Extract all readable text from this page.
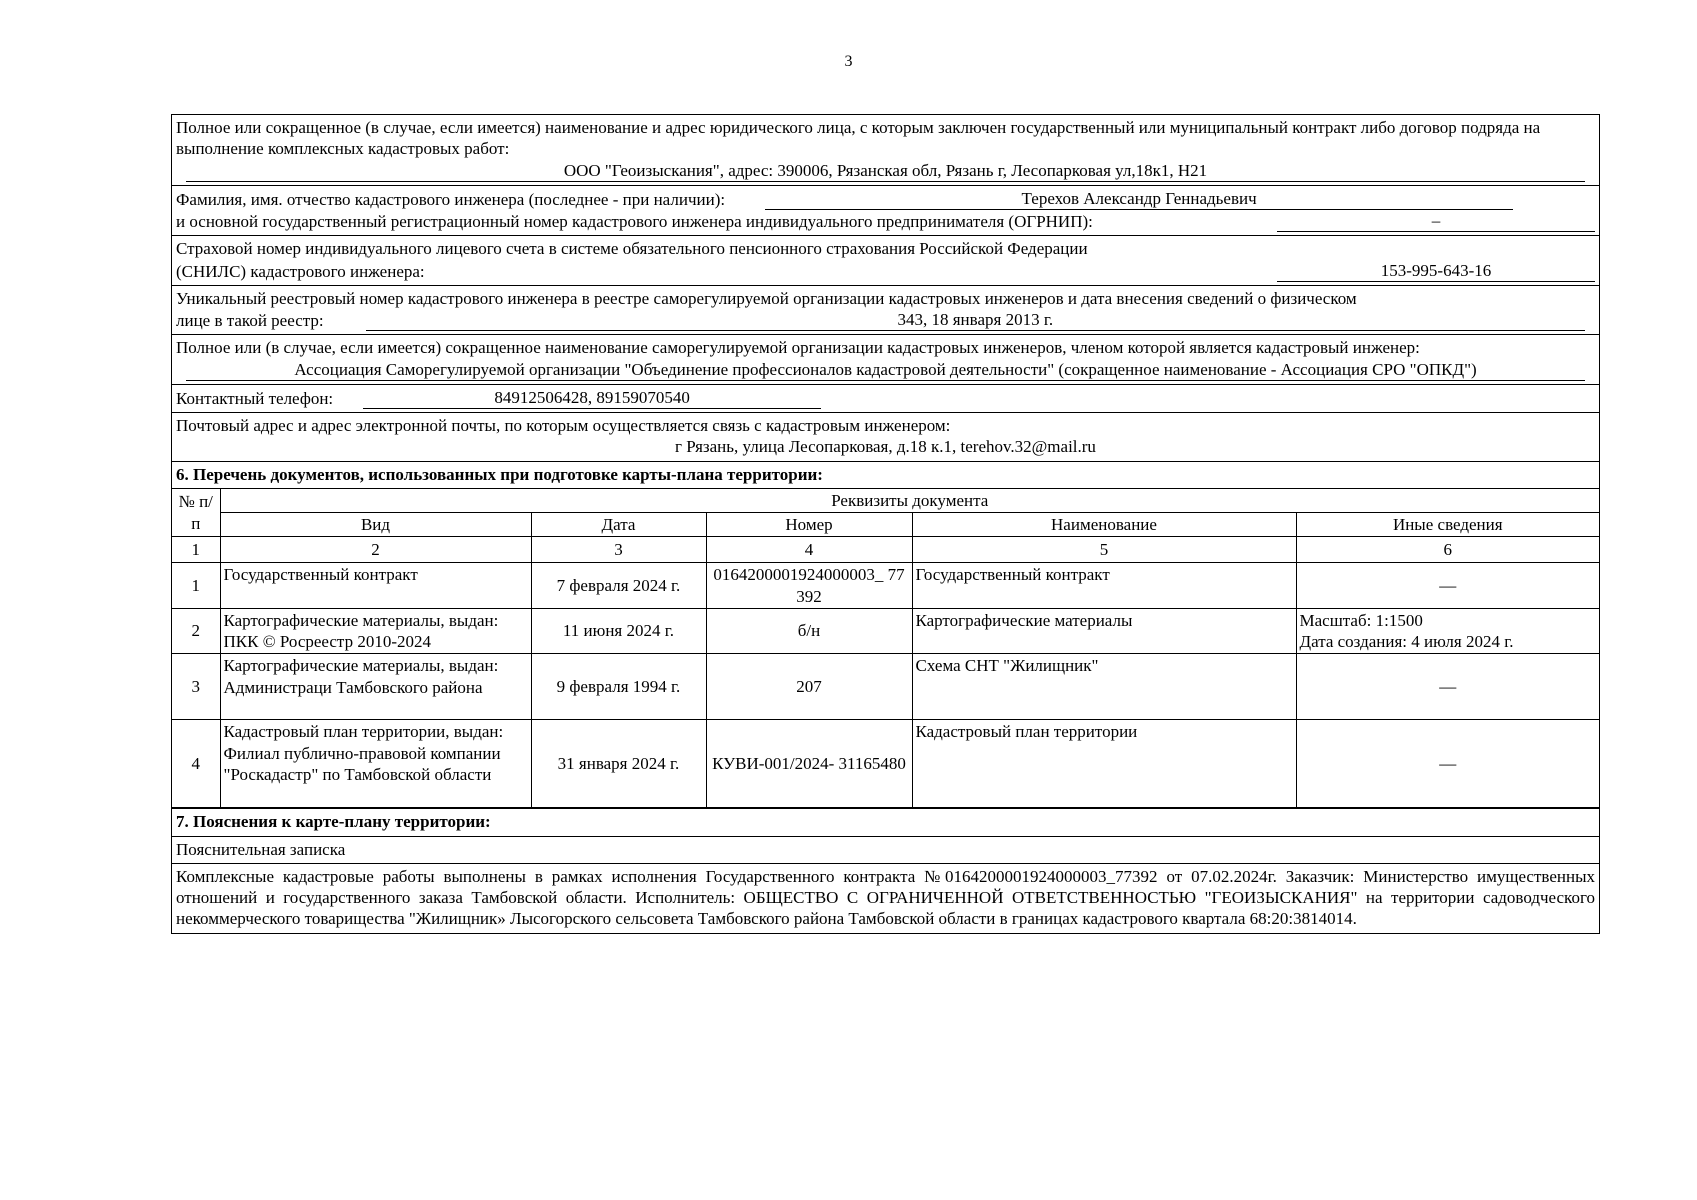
3
Полное или сокращенное (в случае, если имеется) наименование и адрес юридического лица, с которым заключен государственный или муниципальный контракт либо договор подряда на выполнение комплексных кадастровых работ:
ООО "Геоизыскания", адрес: 390006, Рязанская обл, Рязань г, Лесопарковая ул,18к1, Н21
Фамилия, имя. отчество кадастрового инженера (последнее - при наличии):	Терехов Александр Геннадьевич
и основной государственный регистрационный номер кадастрового инженера индивидуального предпринимателя (ОГРНИП):	–
Страховой номер индивидуального лицевого счета в системе обязательного пенсионного страхования Российской Федерации
(СНИЛС) кадастрового инженера:	153-995-643-16
Уникальный реестровый номер кадастрового инженера в реестре саморегулируемой организации кадастровых инженеров и дата внесения сведений о физическом
лице в такой реестр:	343, 18 января 2013 г.
Полное или (в случае, если имеется) сокращенное наименование саморегулируемой организации кадастровых инженеров, членом которой является кадастровый инженер:
Ассоциация Саморегулируемой организации "Объединение профессионалов кадастровой деятельности" (сокращенное наименование - Ассоциация СРО "ОПКД")
Контактный телефон:	84912506428, 89159070540
Почтовый адрес и адрес электронной почты, по которым осуществляется связь с кадастровым инженером:
г Рязань, улица Лесопарковая, д.18 к.1, terehov.32@mail.ru
6. Перечень документов, использованных при подготовке карты-плана территории:
№ п/п	Реквизиты документа				
	Вид	Дата	Номер	Наименование	Иные сведения
1	2	3	4	5	6
1	Государственный контракт	7 февраля 2024 г.	0164200001924000003_ 77392	Государственный контракт	—
2	Картографические материалы, выдан: ПКК © Росреестр 2010-2024	11 июня 2024 г.	б/н	Картографические материалы	Масштаб: 1:1500
Дата создания: 4 июля 2024 г.

3	Картографические материалы, выдан: Администраци Тамбовского района	9 февраля 1994 г.	207	Схема СНТ "Жилищник"	—
4	Кадастровый план территории, выдан: Филиал публично-правовой компании "Роскадастр" по Тамбовской области	31 января 2024 г.	КУВИ-001/2024- 31165480	Кадастровый план территории	—
7. Пояснения к карте-плану территории:
Пояснительная записка
Комплексные кадастровые работы выполнены в рамках исполнения Государственного контракта №0164200001924000003_77392 от 07.02.2024г. Заказчик: Министерство имущественных отношений и государственного заказа Тамбовской области. Исполнитель: ОБЩЕСТВО С ОГРАНИЧЕННОЙ ОТВЕТСТВЕННОСТЬЮ "ГЕОИЗЫСКАНИЯ" на территории садоводческого некоммерческого товарищества "Жилищник» Лысогорского сельсовета Тамбовского района Тамбовской области в границах кадастрового квартала 68:20:3814014.
